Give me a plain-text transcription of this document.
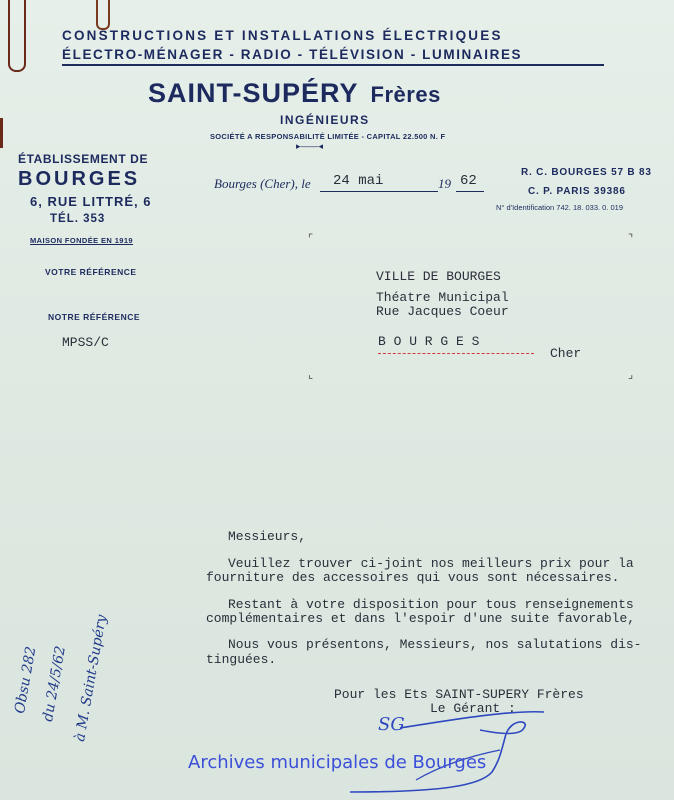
CONSTRUCTIONS ET INSTALLATIONS ÉLECTRIQUES
ÉLECTRO-MÉNAGER - RADIO - TÉLÉVISION - LUMINAIRES
SAINT-SUPÉRY Frères
INGÉNIEURS
SOCIÉTÉ A RESPONSABILITÉ LIMITÉE - CAPITAL 22.500 N. F
▸——◂
ÉTABLISSEMENT DE
BOURGES
6, RUE LITTRÉ, 6
TÉL. 353
MAISON FONDÉE EN 1919
VOTRE RÉFÉRENCE
NOTRE RÉFÉRENCE
MPSS/C
Bourges (Cher), le 24 mai	19 62
R. C. BOURGES 57 B 83
C. P. PARIS 39386
N° d'Identification 742. 18. 033. 0. 019
⌜	⌝
⌞	⌟
VILLE DE BOURGES
Théatre Municipal
Rue Jacques Coeur
B O U R G E S
Cher
Obsu 282 du 24/5/62 à M. Saint-Supéry
Messieurs,
Veuillez trouver ci-joint nos meilleurs prix pour la
fourniture des accessoires qui vous sont nécessaires.
Restant à votre disposition pour tous renseignements
complémentaires et dans l'espoir d'une suite favorable,
Nous vous présentons, Messieurs, nos salutations dis-
tinguées.
Pour les Ets SAINT-SUPERY Frères
Le Gérant :
SG
Archives municipales de Bourges
